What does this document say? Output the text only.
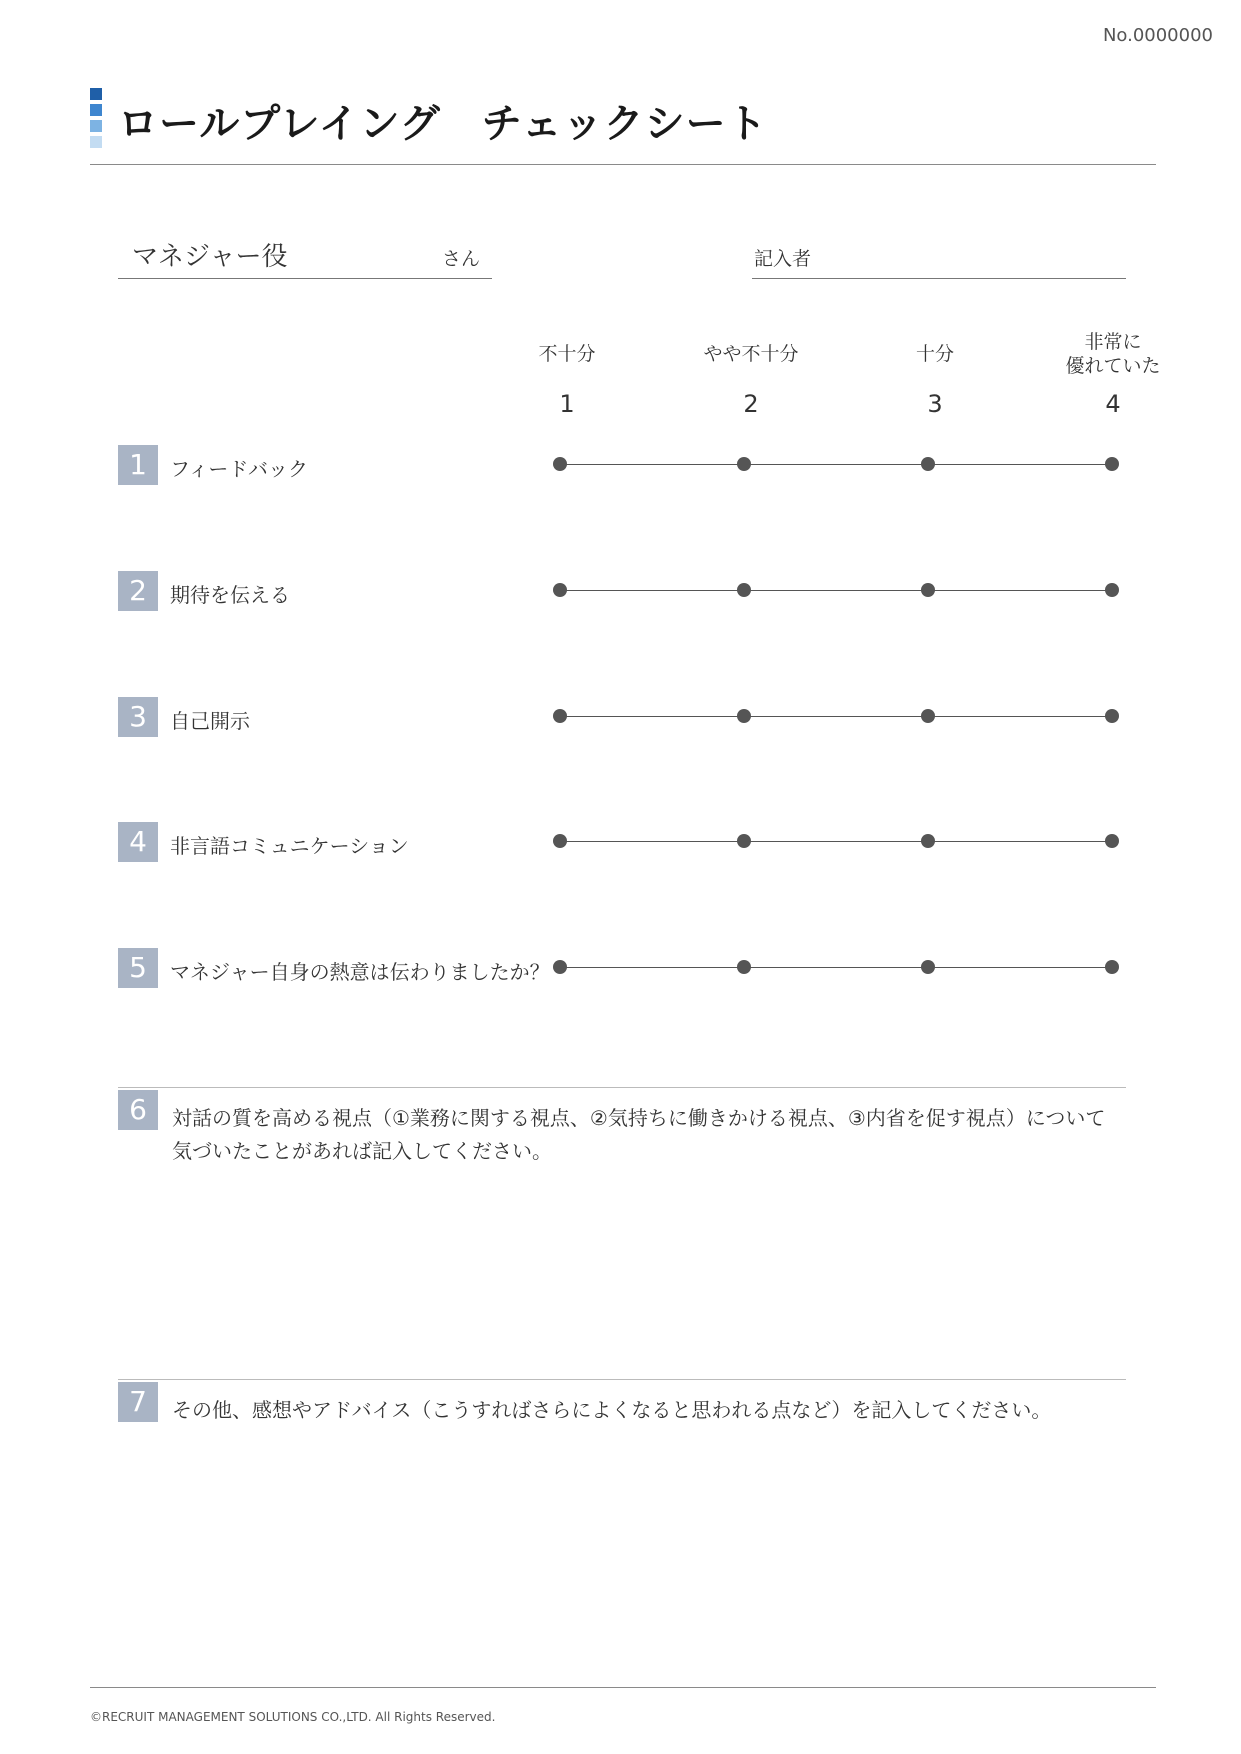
No.0000000
ロールプレイング　チェックシート
マネジャー役	さん	記入者
不十分	やや不十分	十分
非常に
優れていた
1	2	3	4
1	フィードバック
2	期待を伝える
3	自己開示
4	非言語コミュニケーション
5	マネジャー自身の熱意は伝わりましたか？
6	対話の質を高める視点（①業務に関する視点、②気持ちに働きかける視点、③内省を促す視点）について気づいたことがあれば記入してください。
7	その他、感想やアドバイス（こうすればさらによくなると思われる点など）を記入してください。
©RECRUIT MANAGEMENT SOLUTIONS CO.,LTD. All Rights Reserved.
